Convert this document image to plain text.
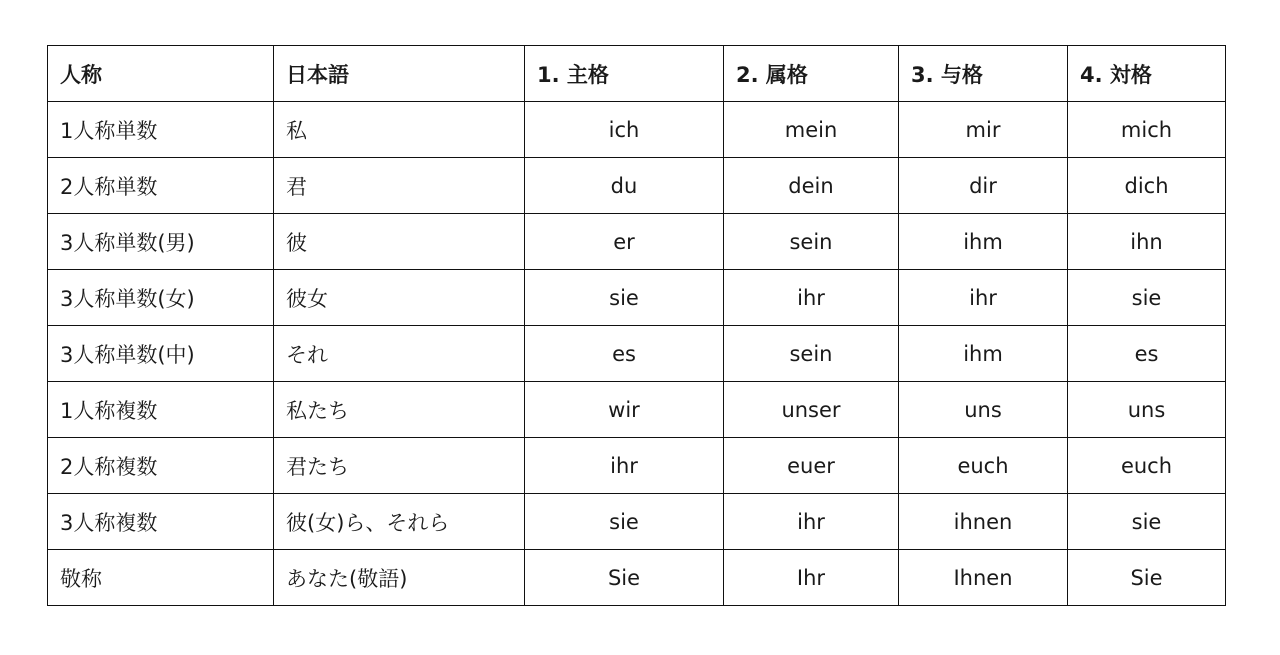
人称	日本語	1. 主格	2. 属格	3. 与格	4. 対格
1人称単数	私	ich	mein	mir	mich
2人称単数	君	du	dein	dir	dich
3人称単数(男)	彼	er	sein	ihm	ihn
3人称単数(女)	彼女	sie	ihr	ihr	sie
3人称単数(中)	それ	es	sein	ihm	es
1人称複数	私たち	wir	unser	uns	uns
2人称複数	君たち	ihr	euer	euch	euch
3人称複数	彼(女)ら、それら	sie	ihr	ihnen	sie
敬称	あなた(敬語)	Sie	Ihr	Ihnen	Sie
